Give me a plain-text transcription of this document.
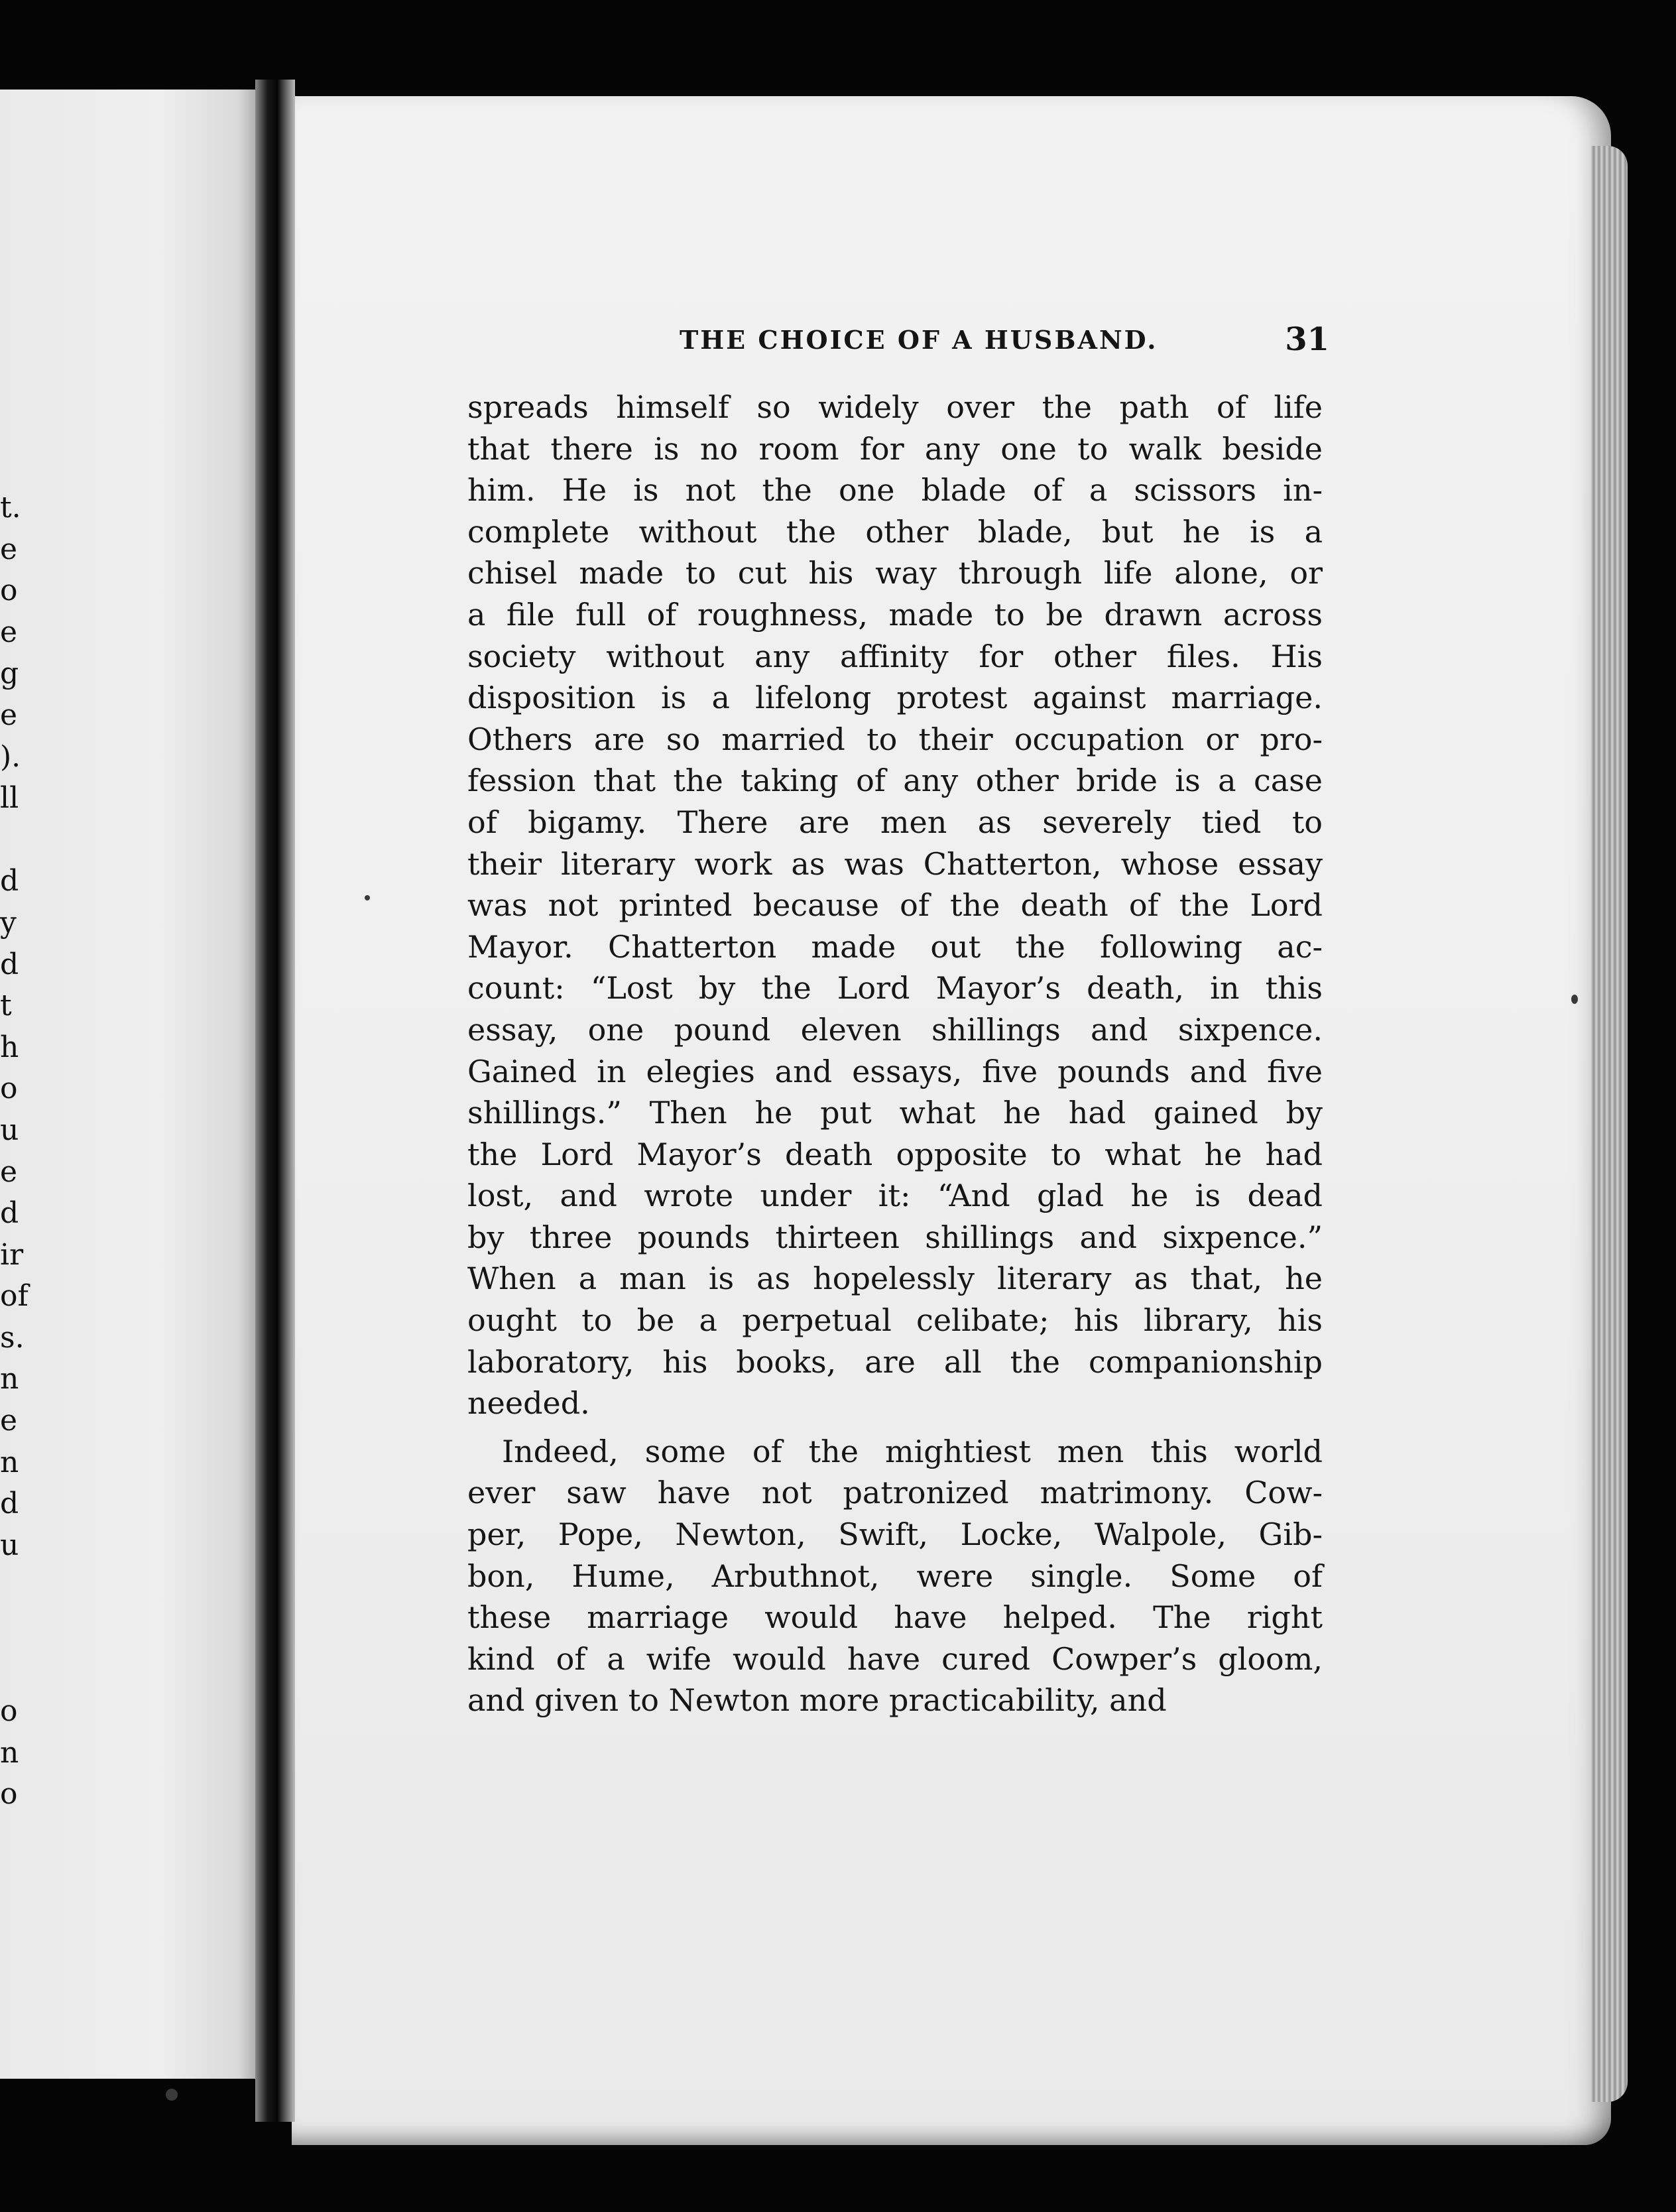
t.
e
o
e
g
e
).
ll
d
y
d
t
h
o
u
e
d
ir
of
s.
n
e
n
d
u
o
n
o
THE CHOICE OF A HUSBAND.	31
spreads himself so widely over the path of life
that there is no room for any one to walk beside
him. He is not the one blade of a scissors in-
complete without the other blade, but he is a
chisel made to cut his way through life alone, or
a file full of roughness, made to be drawn across
society without any affinity for other files. His
disposition is a lifelong protest against marriage.
Others are so married to their occupation or pro-
fession that the taking of any other bride is a case
of bigamy. There are men as severely tied to
their literary work as was Chatterton, whose essay
was not printed because of the death of the Lord
Mayor. Chatterton made out the following ac-
count: “Lost by the Lord Mayor’s death, in this
essay, one pound eleven shillings and sixpence.
Gained in elegies and essays, five pounds and five
shillings.” Then he put what he had gained by
the Lord Mayor’s death opposite to what he had
lost, and wrote under it: “And glad he is dead
by three pounds thirteen shillings and sixpence.”
When a man is as hopelessly literary as that, he
ought to be a perpetual celibate; his library, his
laboratory, his books, are all the companionship
needed.
Indeed, some of the mightiest men this world
ever saw have not patronized matrimony. Cow-
per, Pope, Newton, Swift, Locke, Walpole, Gib-
bon, Hume, Arbuthnot, were single. Some of
these marriage would have helped. The right
kind of a wife would have cured Cowper’s gloom,
and given to Newton more practicability, and
